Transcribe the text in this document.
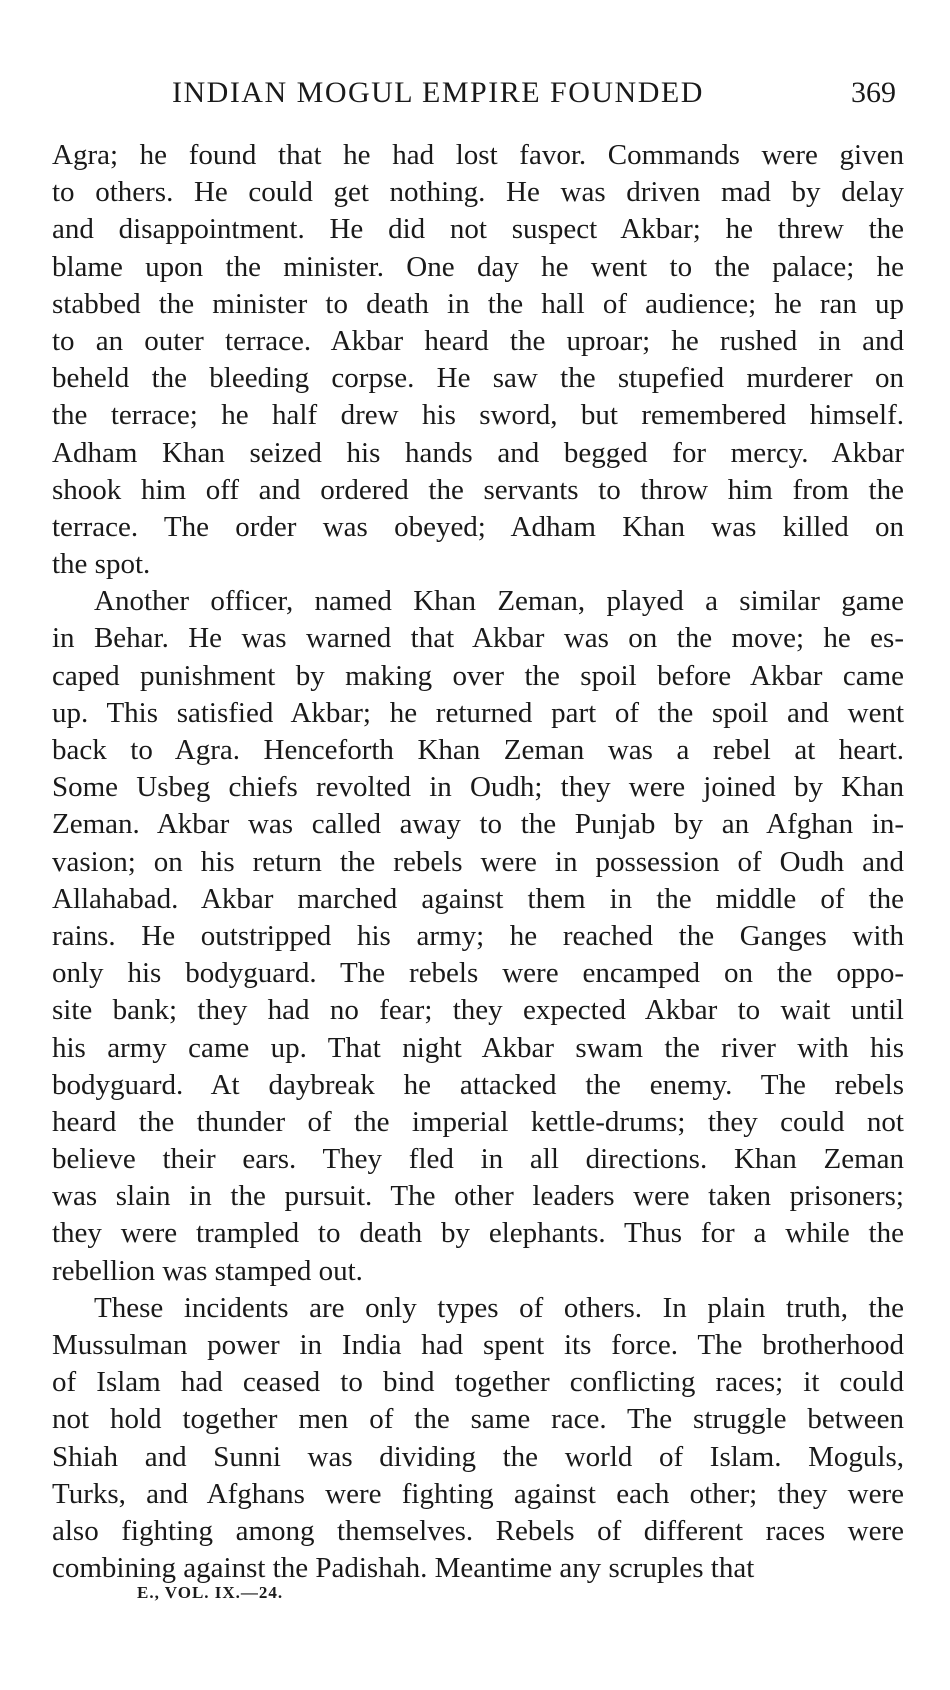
INDIAN MOGUL EMPIRE FOUNDED	369
Agra; he found that he had lost favor. Commands were given
to others. He could get nothing. He was driven mad by delay
and disappointment. He did not suspect Akbar; he threw the
blame upon the minister. One day he went to the palace; he
stabbed the minister to death in the hall of audience; he ran up
to an outer terrace. Akbar heard the uproar; he rushed in and
beheld the bleeding corpse. He saw the stupefied murderer on
the terrace; he half drew his sword, but remembered himself.
Adham Khan seized his hands and begged for mercy. Akbar
shook him off and ordered the servants to throw him from the
terrace. The order was obeyed; Adham Khan was killed on
the spot.
Another officer, named Khan Zeman, played a similar game
in Behar. He was warned that Akbar was on the move; he es-
caped punishment by making over the spoil before Akbar came
up. This satisfied Akbar; he returned part of the spoil and went
back to Agra. Henceforth Khan Zeman was a rebel at heart.
Some Usbeg chiefs revolted in Oudh; they were joined by Khan
Zeman. Akbar was called away to the Punjab by an Afghan in-
vasion; on his return the rebels were in possession of Oudh and
Allahabad. Akbar marched against them in the middle of the
rains. He outstripped his army; he reached the Ganges with
only his bodyguard. The rebels were encamped on the oppo-
site bank; they had no fear; they expected Akbar to wait until
his army came up. That night Akbar swam the river with his
bodyguard. At daybreak he attacked the enemy. The rebels
heard the thunder of the imperial kettle-drums; they could not
believe their ears. They fled in all directions. Khan Zeman
was slain in the pursuit. The other leaders were taken prisoners;
they were trampled to death by elephants. Thus for a while the
rebellion was stamped out.
These incidents are only types of others. In plain truth, the
Mussulman power in India had spent its force. The brotherhood
of Islam had ceased to bind together conflicting races; it could
not hold together men of the same race. The struggle between
Shiah and Sunni was dividing the world of Islam. Moguls,
Turks, and Afghans were fighting against each other; they were
also fighting among themselves. Rebels of different races were
combining against the Padishah. Meantime any scruples that
E., VOL. IX.—24.
